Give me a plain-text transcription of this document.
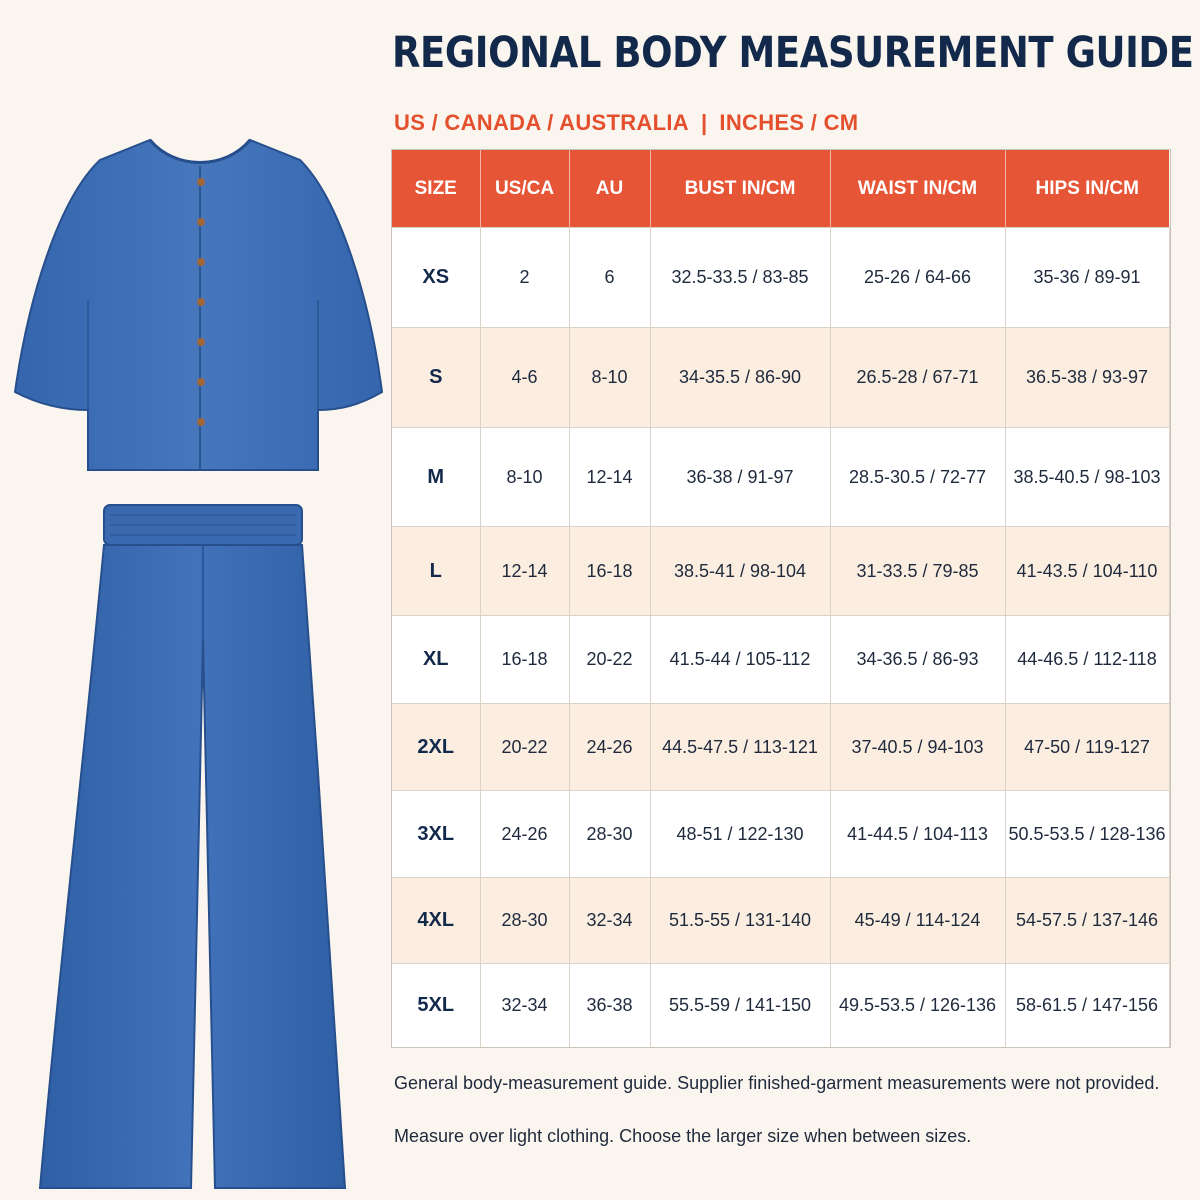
REGIONAL BODY MEASUREMENT GUIDE
US / CANADA / AUSTRALIA | INCHES / CM
SIZE	US/CA	AU	BUST IN/CM	WAIST IN/CM	HIPS IN/CM
XS	2	6	32.5-33.5 / 83-85	25-26 / 64-66	35-36 / 89-91
S	4-6	8-10	34-35.5 / 86-90	26.5-28 / 67-71	36.5-38 / 93-97
M	8-10	12-14	36-38 / 91-97	28.5-30.5 / 72-77	38.5-40.5 / 98-103
L	12-14	16-18	38.5-41 / 98-104	31-33.5 / 79-85	41-43.5 / 104-110
XL	16-18	20-22	41.5-44 / 105-112	34-36.5 / 86-93	44-46.5 / 112-118
2XL	20-22	24-26	44.5-47.5 / 113-121	37-40.5 / 94-103	47-50 / 119-127
3XL	24-26	28-30	48-51 / 122-130	41-44.5 / 104-113	50.5-53.5 / 128-136
4XL	28-30	32-34	51.5-55 / 131-140	45-49 / 114-124	54-57.5 / 137-146
5XL	32-34	36-38	55.5-59 / 141-150	49.5-53.5 / 126-136	58-61.5 / 147-156
General body-measurement guide. Supplier finished-garment measurements were not provided.
Measure over light clothing. Choose the larger size when between sizes.
